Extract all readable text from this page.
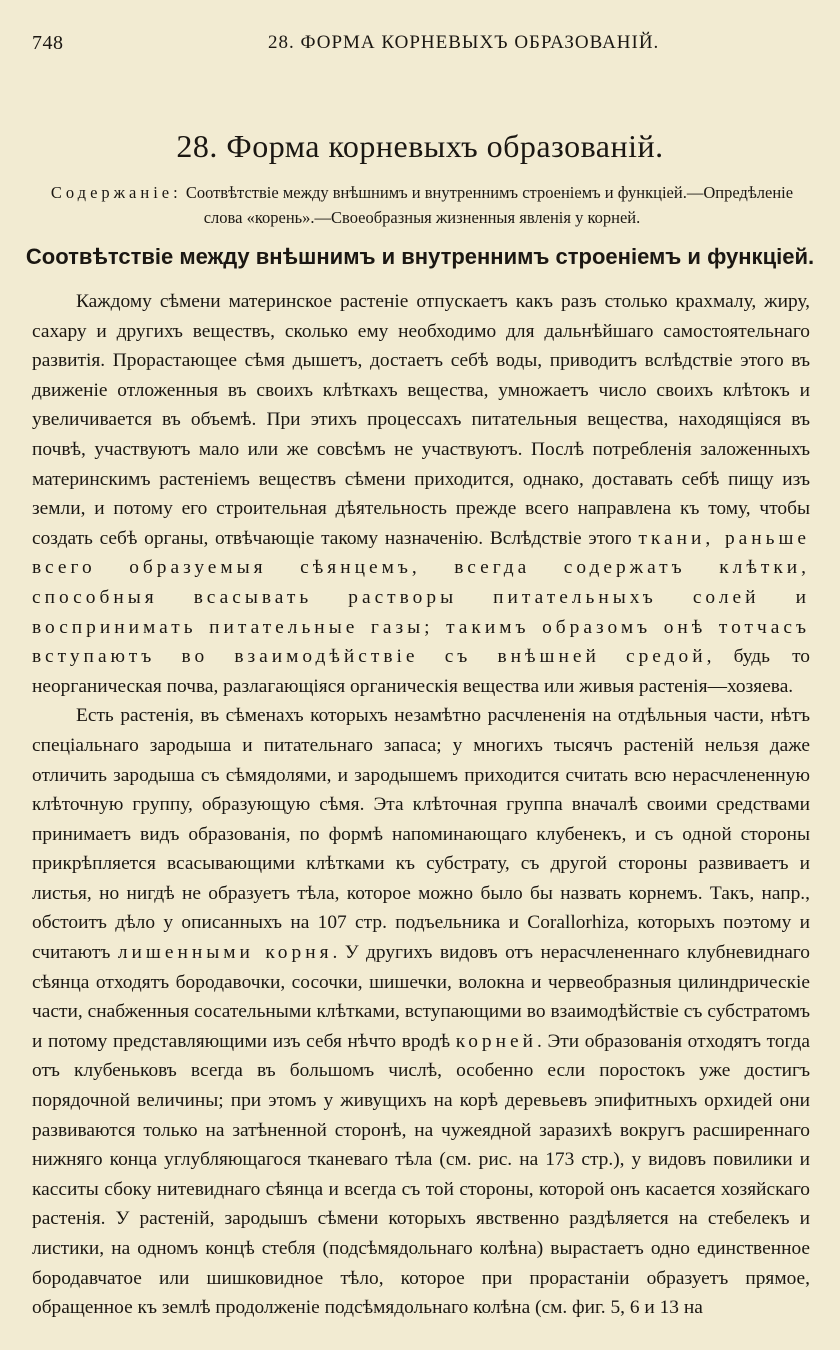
748	28. ФОРМА КОРНЕВЫХЪ ОБРАЗОВАНIЙ.
28. Форма корневыхъ образованiй.
Содержанiе: Соотвѣтствiе между внѣшнимъ и внутреннимъ строенiемъ и функцiей.—Опредѣленiе слова «корень».—Своеобразныя жизненныя явленiя у корней.
Соотвѣтствiе между внѣшнимъ и внутреннимъ строенiемъ и функцiей.

Каждому сѣмени материнское растенiе отпускаетъ какъ разъ столько крахмалу, жиру, сахару и другихъ веществъ, сколько ему необходимо для дальнѣйшаго самостоятельнаго развитiя. Прорастающее сѣмя дышетъ, достаетъ себѣ воды, приводитъ вслѣдствiе этого въ движенiе отложенныя въ своихъ клѣткахъ вещества, умножаетъ число своихъ клѣтокъ и увеличивается въ объемѣ. При этихъ процессахъ питательныя вещества, находящiяся въ почвѣ, участвуютъ мало или же совсѣмъ не участвуютъ. Послѣ потребленiя заложенныхъ материнскимъ растенiемъ веществъ сѣмени приходится, однако, доставать себѣ пищу изъ земли, и потому его строительная дѣятельность прежде всего направлена къ тому, чтобы создать себѣ органы, отвѣчающiе такому назначенiю. Вслѣдствiе этого ткани, раньше всего образуемыя сѣянцемъ, всегда содержатъ клѣтки, способныя всасывать растворы питательныхъ солей и воспринимать питательные газы; такимъ образомъ онѣ тотчасъ вступаютъ во взаимодѣйствiе съ внѣшней средой, будь то неорганическая почва, разлагающiяся органическiя вещества или живыя растенiя—хозяева.

Есть растенiя, въ сѣменахъ которыхъ незамѣтно расчлененiя на отдѣльныя части, нѣтъ спецiальнаго зародыша и питательнаго запаса; у многихъ тысячъ растенiй нельзя даже отличить зародыша съ сѣмядолями, и зародышемъ приходится считать всю нерасчлененную клѣточную группу, образующую сѣмя. Эта клѣточная группа вначалѣ своими средствами принимаетъ видъ образованiя, по формѣ напоминающаго клубенекъ, и съ одной стороны прикрѣпляется всасывающими клѣтками къ субстрату, съ другой стороны развиваетъ и листья, но нигдѣ не образуетъ тѣла, которое можно было бы назвать корнемъ. Такъ, напр., обстоитъ дѣло у описанныхъ на 107 стр. подъельника и Corallorhiza, которыхъ поэтому и считаютъ лишенными корня. У другихъ видовъ отъ нерасчлененнаго клубневиднаго сѣянца отходятъ бородавочки, сосочки, шишечки, волокна и червеобразныя цилиндрическiе части, снабженныя сосательными клѣтками, вступающими во взаимодѣйствiе съ субстратомъ и потому представляющими изъ себя нѣчто вродѣ корней. Эти образованiя отходятъ тогда отъ клубеньковъ всегда въ большомъ числѣ, особенно если поростокъ уже достигъ порядочной величины; при этомъ у живущихъ на корѣ деревьевъ эпифитныхъ орхидей они развиваются только на затѣненной сторонѣ, на чужеядной заразихѣ вокругъ расширеннаго нижняго конца углубляющагося тканеваго тѣла (см. рис. на 173 стр.), у видовъ повилики и касситы сбоку нитевиднаго сѣянца и всегда съ той стороны, которой онъ касается хозяйскаго растенiя. У растенiй, зародышъ сѣмени которыхъ явственно раздѣляется на стебелекъ и листики, на одномъ концѣ стебля (подсѣмядольнаго колѣна) вырастаетъ одно единственное бородавчатое или шишковидное тѣло, которое при прорастанiи образуетъ прямое, обращенное къ землѣ продолженiе подсѣмядольнаго колѣна (см. фиг. 5, 6 и 13 на
